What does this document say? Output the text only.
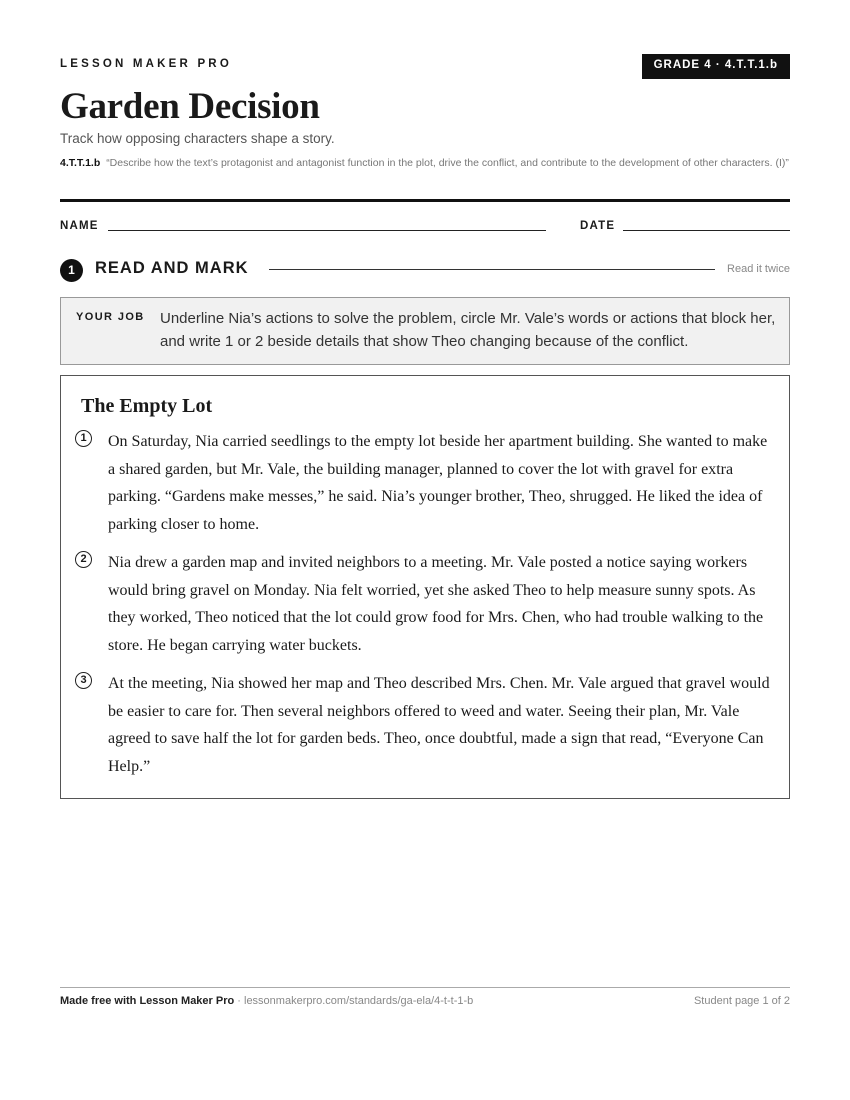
LESSON MAKER PRO	GRADE 4 · 4.T.T.1.b
Garden Decision
Track how opposing characters shape a story.
4.T.T.1.b “Describe how the text’s protagonist and antagonist function in the plot, drive the conflict, and contribute to the development of other characters. (I)”
NAME	DATE
1	READ AND MARK	Read it twice
YOUR JOB Underline Nia’s actions to solve the problem, circle Mr. Vale’s words or actions that block her, and write 1 or 2 beside details that show Theo changing because of the conflict.
The Empty Lot
1	On Saturday, Nia carried seedlings to the empty lot beside her apartment building. She wanted to make a shared garden, but Mr. Vale, the building manager, planned to cover the lot with gravel for extra parking. “Gardens make messes,” he said. Nia’s younger brother, Theo, shrugged. He liked the idea of parking closer to home.

2	Nia drew a garden map and invited neighbors to a meeting. Mr. Vale posted a notice saying workers would bring gravel on Monday. Nia felt worried, yet she asked Theo to help measure sunny spots. As they worked, Theo noticed that the lot could grow food for Mrs. Chen, who had trouble walking to the store. He began carrying water buckets.

3	At the meeting, Nia showed her map and Theo described Mrs. Chen. Mr. Vale argued that gravel would be easier to care for. Then several neighbors offered to weed and water. Seeing their plan, Mr. Vale agreed to save half the lot for garden beds. Theo, once doubtful, made a sign that read, “Everyone Can Help.”

Made free with Lesson Maker Pro · lessonmakerpro.com/standards/ga-ela/4-t-t-1-b	Student page 1 of 2
